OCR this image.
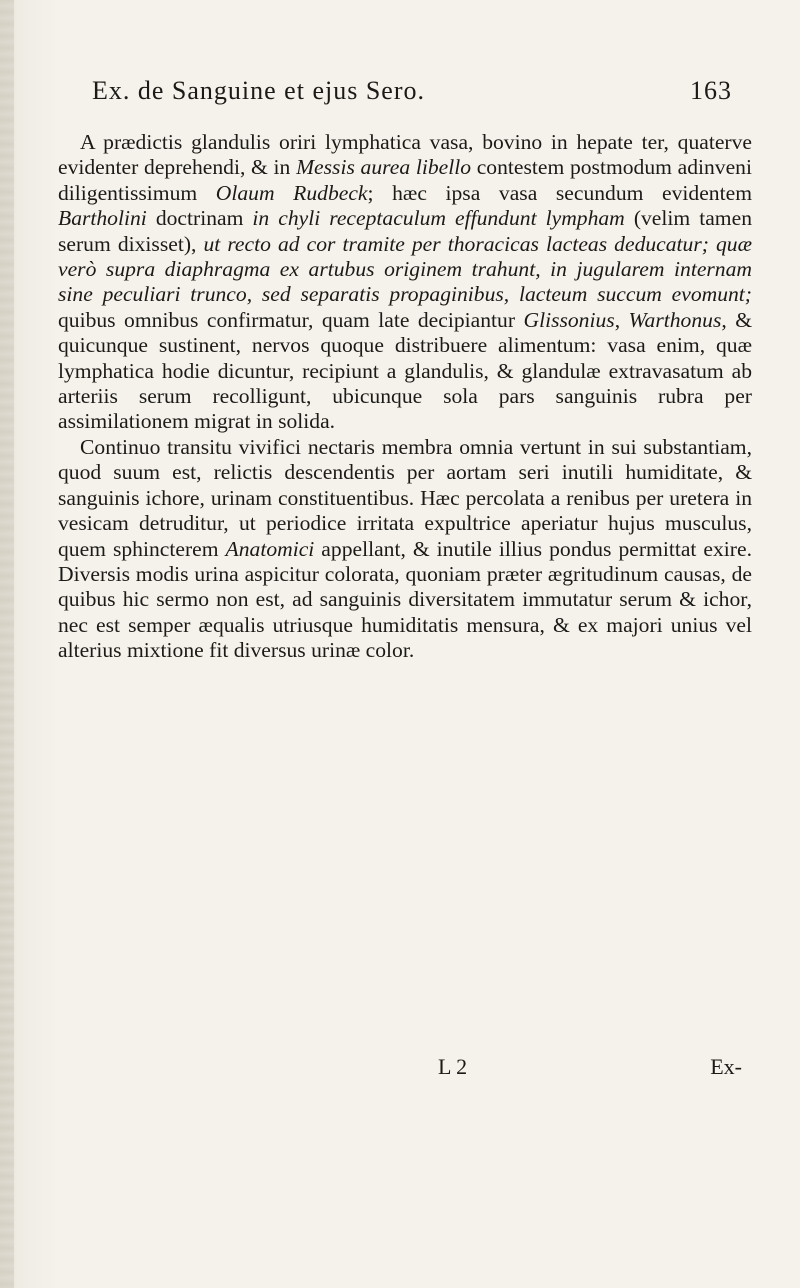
Ex. de Sanguine et ejus Sero.	163

A prædictis glandulis oriri lymphatica vasa, bovino in hepate ter, quaterve evidenter deprehendi, & in Messis aurea libello contestem postmodum adinveni diligentissimum Olaum Rudbeck; hæc ipsa vasa secundum evidentem Bartholini doctrinam in chyli receptaculum effundunt lympham (velim tamen serum dixisset), ut recto ad cor tramite per thoracicas lacteas deducatur; quæ verò supra diaphragma ex artubus originem trahunt, in jugularem internam sine peculiari trunco, sed separatis propaginibus, lacteum succum evomunt; quibus omnibus confirmatur, quam late decipiantur Glissonius, Warthonus, & quicunque sustinent, nervos quoque distribuere alimentum: vasa enim, quæ lymphatica hodie dicuntur, recipiunt a glandulis, & glandulæ extravasatum ab arteriis serum recolligunt, ubicunque sola pars sanguinis rubra per assimilationem migrat in solida.

Continuo transitu vivifici nectaris membra omnia vertunt in sui substantiam, quod suum est, relictis descendentis per aortam seri inutili humiditate, & sanguinis ichore, urinam constituentibus. Hæc percolata a renibus per uretera in vesicam detruditur, ut periodice irritata expultrice aperiatur hujus musculus, quem sphincterem Anatomici appellant, & inutile illius pondus permittat exire. Diversis modis urina aspicitur colorata, quoniam præter ægritudinum causas, de quibus hic sermo non est, ad sanguinis diversitatem immutatur serum & ichor, nec est semper æqualis utriusque humiditatis mensura, & ex majori unius vel alterius mixtione fit diversus urinæ color.

L 2	Ex-
